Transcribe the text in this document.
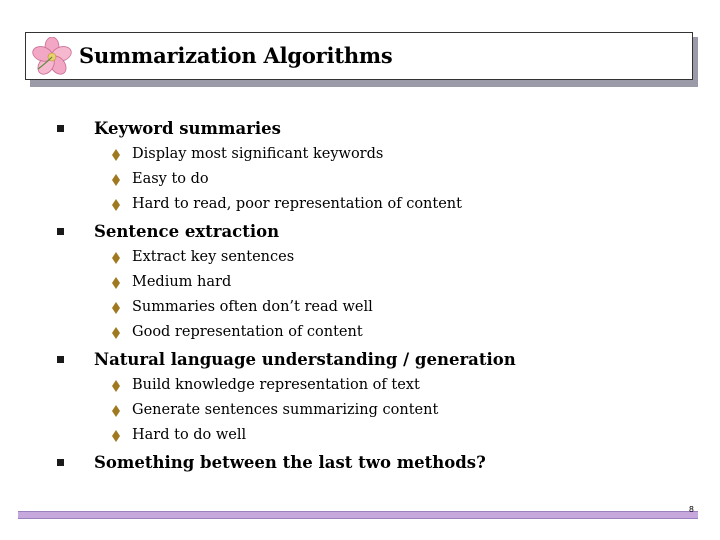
Summarization Algorithms
Keyword summaries
Display most significant keywords
Easy to do
Hard to read, poor representation of content
Sentence extraction
Extract key sentences
Medium hard
Summaries often don’t read well
Good representation of content
Natural language understanding / generation
Build knowledge representation of text
Generate sentences summarizing content
Hard to do well
Something between the last two methods?
8
